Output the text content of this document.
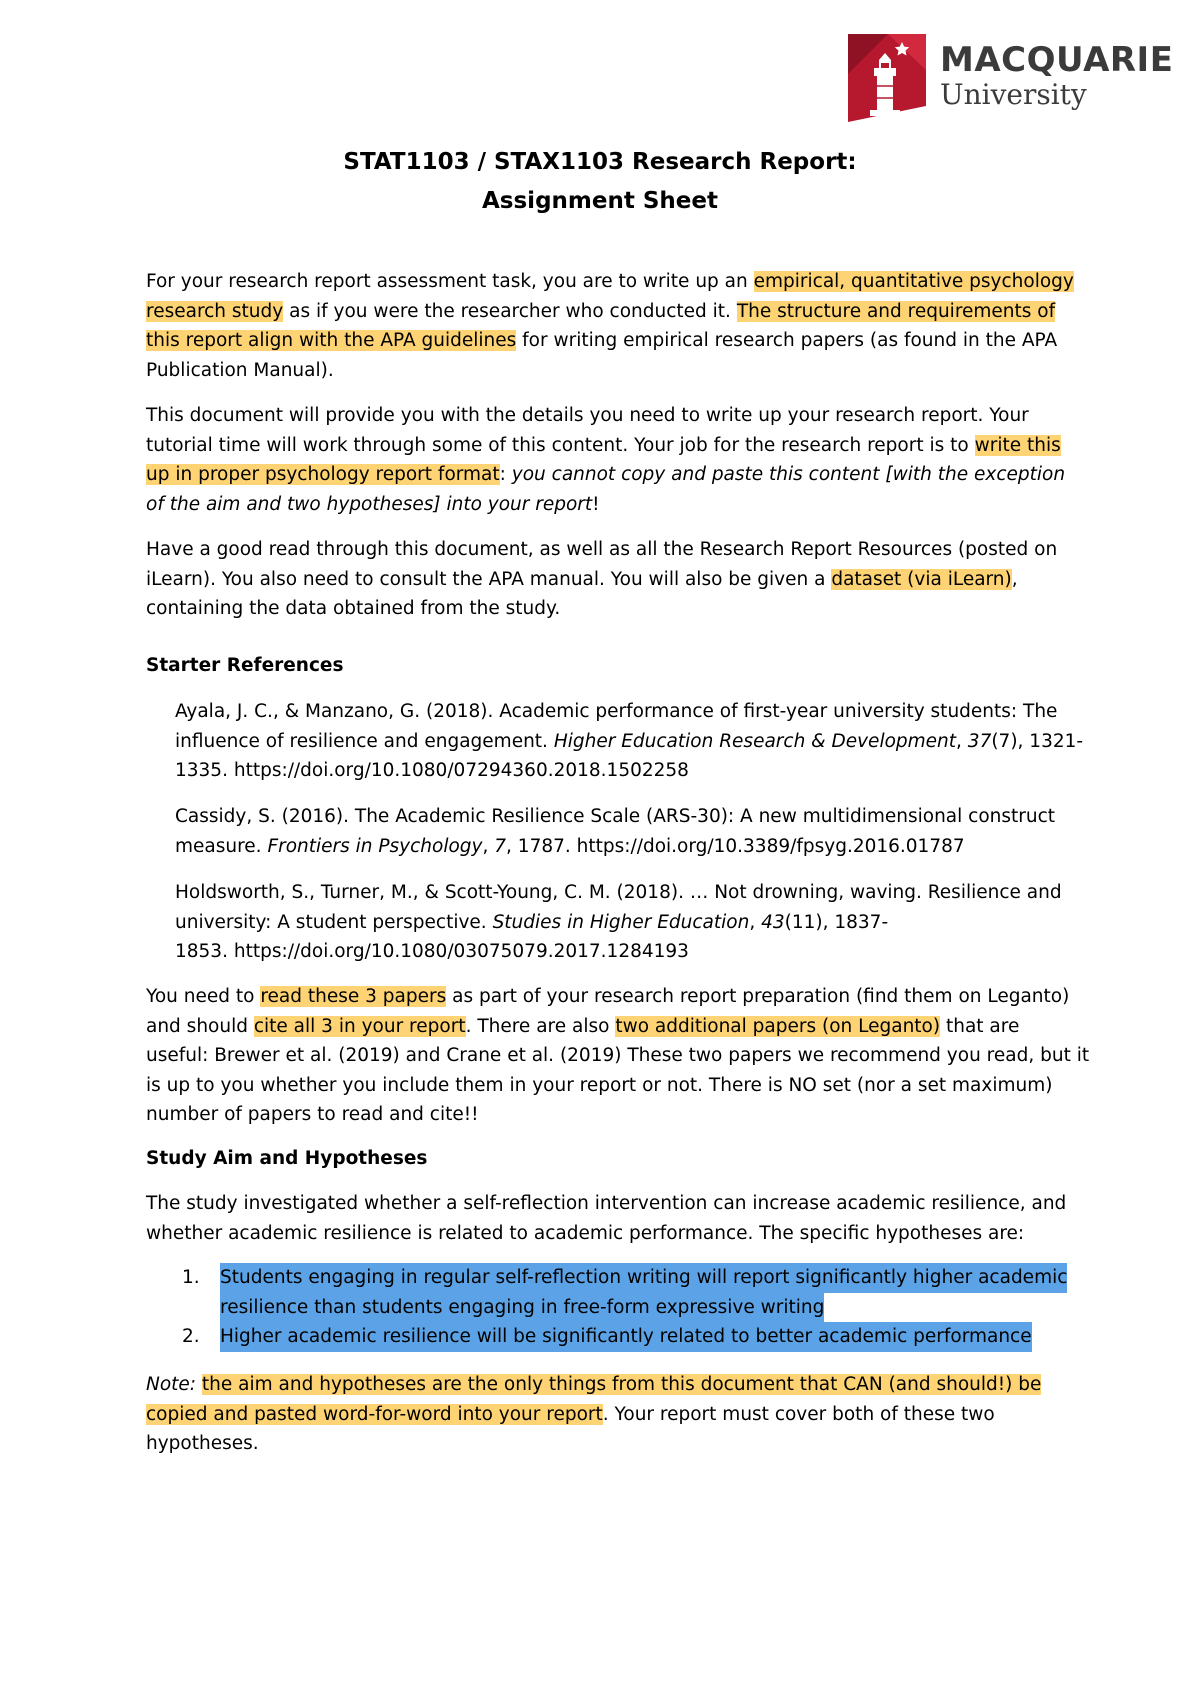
MACQUARIE
University
STAT1103 / STAX1103 Research Report:
Assignment Sheet
For your research report assessment task, you are to write up an empirical, quantitative psychology
research study as if you were the researcher who conducted it. The structure and requirements of
this report align with the APA guidelines for writing empirical research papers (as found in the APA
Publication Manual).
This document will provide you with the details you need to write up your research report. Your
tutorial time will work through some of this content. Your job for the research report is to write this
up in proper psychology report format: you cannot copy and paste this content [with the exception
of the aim and two hypotheses] into your report!
Have a good read through this document, as well as all the Research Report Resources (posted on
iLearn). You also need to consult the APA manual. You will also be given a dataset (via iLearn),
containing the data obtained from the study.
Starter References
Ayala, J. C., & Manzano, G. (2018). Academic performance of first-year university students: The
influence of resilience and engagement. Higher Education Research & Development, 37(7), 1321-
1335. https://doi.org/10.1080/07294360.2018.1502258
Cassidy, S. (2016). The Academic Resilience Scale (ARS-30): A new multidimensional construct
measure. Frontiers in Psychology, 7, 1787. https://doi.org/10.3389/fpsyg.2016.01787
Holdsworth, S., Turner, M., & Scott-Young, C. M. (2018). … Not drowning, waving. Resilience and
university: A student perspective. Studies in Higher Education, 43(11), 1837-
1853. https://doi.org/10.1080/03075079.2017.1284193
You need to read these 3 papers as part of your research report preparation (find them on Leganto)
and should cite all 3 in your report. There are also two additional papers (on Leganto) that are
useful: Brewer et al. (2019) and Crane et al. (2019) These two papers we recommend you read, but it
is up to you whether you include them in your report or not. There is NO set (nor a set maximum)
number of papers to read and cite!!
Study Aim and Hypotheses
The study investigated whether a self-reflection intervention can increase academic resilience, and
whether academic resilience is related to academic performance. The specific hypotheses are:
1. Students engaging in regular self-reflection writing will report significantly higher academic
resilience than students engaging in free-form expressive writing
2. Higher academic resilience will be significantly related to better academic performance
Note: the aim and hypotheses are the only things from this document that CAN (and should!) be
copied and pasted word-for-word into your report. Your report must cover both of these two
hypotheses.
